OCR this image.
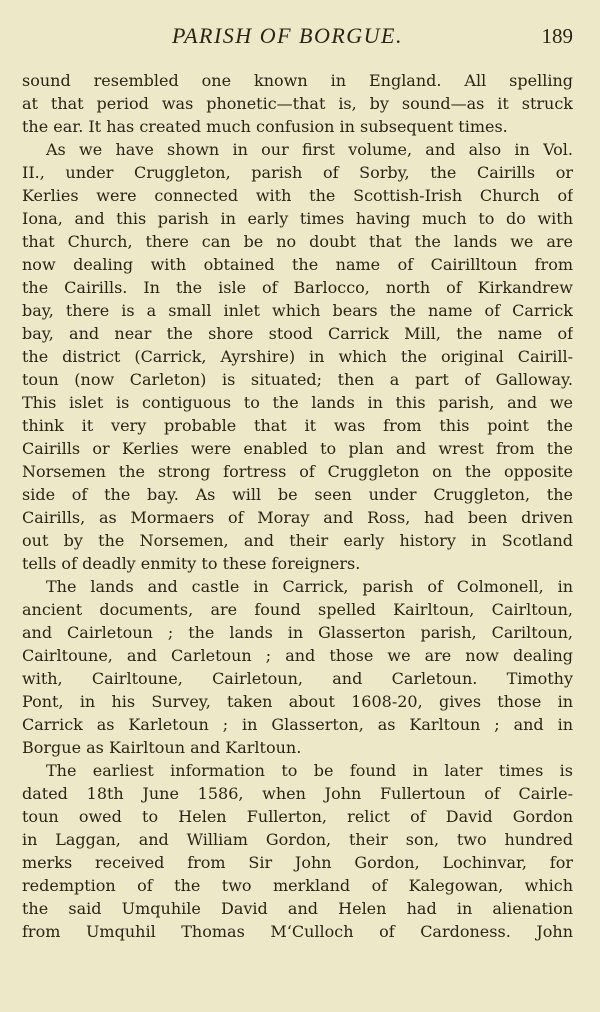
PARISH OF BORGUE.	189
sound resembled one known in England. All spelling
at that period was phonetic—that is, by sound—as it struck
the ear. It has created much confusion in subsequent times.
As we have shown in our first volume, and also in Vol.
II., under Cruggleton, parish of Sorby, the Cairills or
Kerlies were connected with the Scottish-Irish Church of
Iona, and this parish in early times having much to do with
that Church, there can be no doubt that the lands we are
now dealing with obtained the name of Cairilltoun from
the Cairills. In the isle of Barlocco, north of Kirkandrew
bay, there is a small inlet which bears the name of Carrick
bay, and near the shore stood Carrick Mill, the name of
the district (Carrick, Ayrshire) in which the original Cairill-
toun (now Carleton) is situated; then a part of Galloway.
This islet is contiguous to the lands in this parish, and we
think it very probable that it was from this point the
Cairills or Kerlies were enabled to plan and wrest from the
Norsemen the strong fortress of Cruggleton on the opposite
side of the bay. As will be seen under Cruggleton, the
Cairills, as Mormaers of Moray and Ross, had been driven
out by the Norsemen, and their early history in Scotland
tells of deadly enmity to these foreigners.
The lands and castle in Carrick, parish of Colmonell, in
ancient documents, are found spelled Kairltoun, Cairltoun,
and Cairletoun ; the lands in Glasserton parish, Cariltoun,
Cairltoune, and Carletoun ; and those we are now dealing
with, Cairltoune, Cairletoun, and Carletoun. Timothy
Pont, in his Survey, taken about 1608-20, gives those in
Carrick as Karletoun ; in Glasserton, as Karltoun ; and in
Borgue as Kairltoun and Karltoun.
The earliest information to be found in later times is
dated 18th June 1586, when John Fullertoun of Cairle-
toun owed to Helen Fullerton, relict of David Gordon
in Laggan, and William Gordon, their son, two hundred
merks received from Sir John Gordon, Lochinvar, for
redemption of the two merkland of Kalegowan, which
the said Umquhile David and Helen had in alienation
from Umquhil Thomas M‘Culloch of Cardoness. John
